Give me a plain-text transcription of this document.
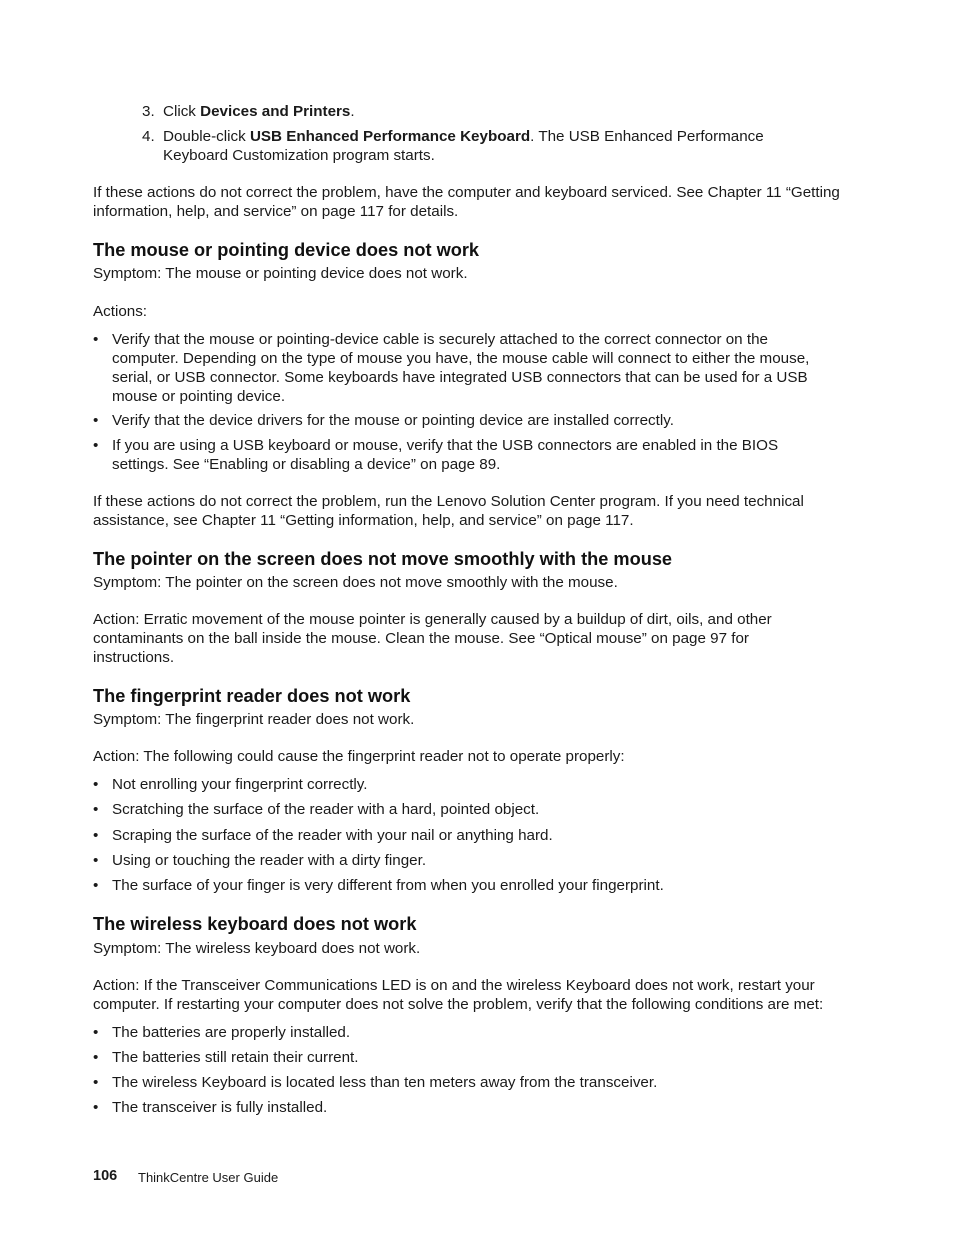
3. Click Devices and Printers.
4. Double-click USB Enhanced Performance Keyboard. The USB Enhanced Performance Keyboard Customization program starts.
If these actions do not correct the problem, have the computer and keyboard serviced. See Chapter 11 “Getting information, help, and service” on page 117 for details.
The mouse or pointing device does not work
Symptom: The mouse or pointing device does not work.
Actions:
• Verify that the mouse or pointing-device cable is securely attached to the correct connector on the computer. Depending on the type of mouse you have, the mouse cable will connect to either the mouse, serial, or USB connector. Some keyboards have integrated USB connectors that can be used for a USB mouse or pointing device.
• Verify that the device drivers for the mouse or pointing device are installed correctly.
• If you are using a USB keyboard or mouse, verify that the USB connectors are enabled in the BIOS settings. See “Enabling or disabling a device” on page 89.
If these actions do not correct the problem, run the Lenovo Solution Center program. If you need technical assistance, see Chapter 11 “Getting information, help, and service” on page 117.
The pointer on the screen does not move smoothly with the mouse
Symptom: The pointer on the screen does not move smoothly with the mouse.
Action: Erratic movement of the mouse pointer is generally caused by a buildup of dirt, oils, and other contaminants on the ball inside the mouse. Clean the mouse. See “Optical mouse” on page 97 for instructions.
The fingerprint reader does not work
Symptom: The fingerprint reader does not work.
Action: The following could cause the fingerprint reader not to operate properly:
• Not enrolling your fingerprint correctly.
• Scratching the surface of the reader with a hard, pointed object.
• Scraping the surface of the reader with your nail or anything hard.
• Using or touching the reader with a dirty finger.
• The surface of your finger is very different from when you enrolled your fingerprint.
The wireless keyboard does not work
Symptom: The wireless keyboard does not work.
Action: If the Transceiver Communications LED is on and the wireless Keyboard does not work, restart your computer. If restarting your computer does not solve the problem, verify that the following conditions are met:
• The batteries are properly installed.
• The batteries still retain their current.
• The wireless Keyboard is located less than ten meters away from the transceiver.
• The transceiver is fully installed.
106 ThinkCentre User Guide
